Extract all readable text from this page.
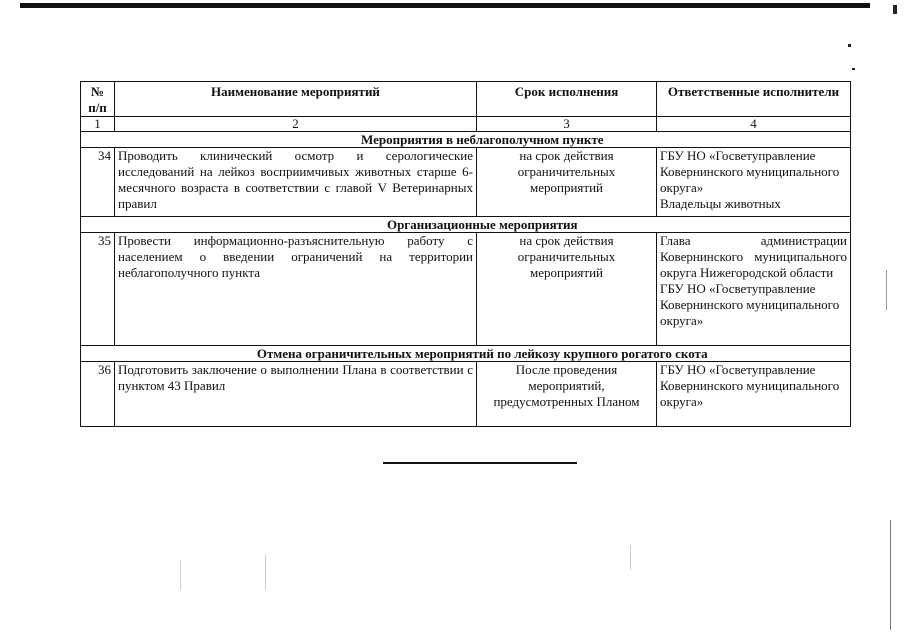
№ п/п	Наименование мероприятий	Срок исполнения	Ответственные исполнители
1	2	3	4
	Мероприятия в неблагополучном пункте		
34	Проводить клинический осмотр и серологические исследований на лейкоз восприимчивых животных старше 6-месячного возраста в соответствии с главой V Ветеринарных правил	на срок действия ограничительных мероприятий	ГБУ НО «Госветуправление Ковернинского муниципального округа»
Владельцы животных

	Организационные мероприятия		
35	Провести информационно-разъяснительную работу с населением о введении ограничений на территории неблагополучного пункта	на срок действия ограничительных мероприятий	Глава администрации Ковернинского муниципального округа Нижегородской области
ГБУ НО «Госветуправление Ковернинского муниципального округа»

	Отмена ограничительных мероприятий по лейкозу крупного рогатого скота		
36	Подготовить заключение о выполнении Плана в соответствии с пунктом 43 Правил	После проведения мероприятий, предусмотренных Планом	ГБУ НО «Госветуправление Ковернинского муниципального округа»
